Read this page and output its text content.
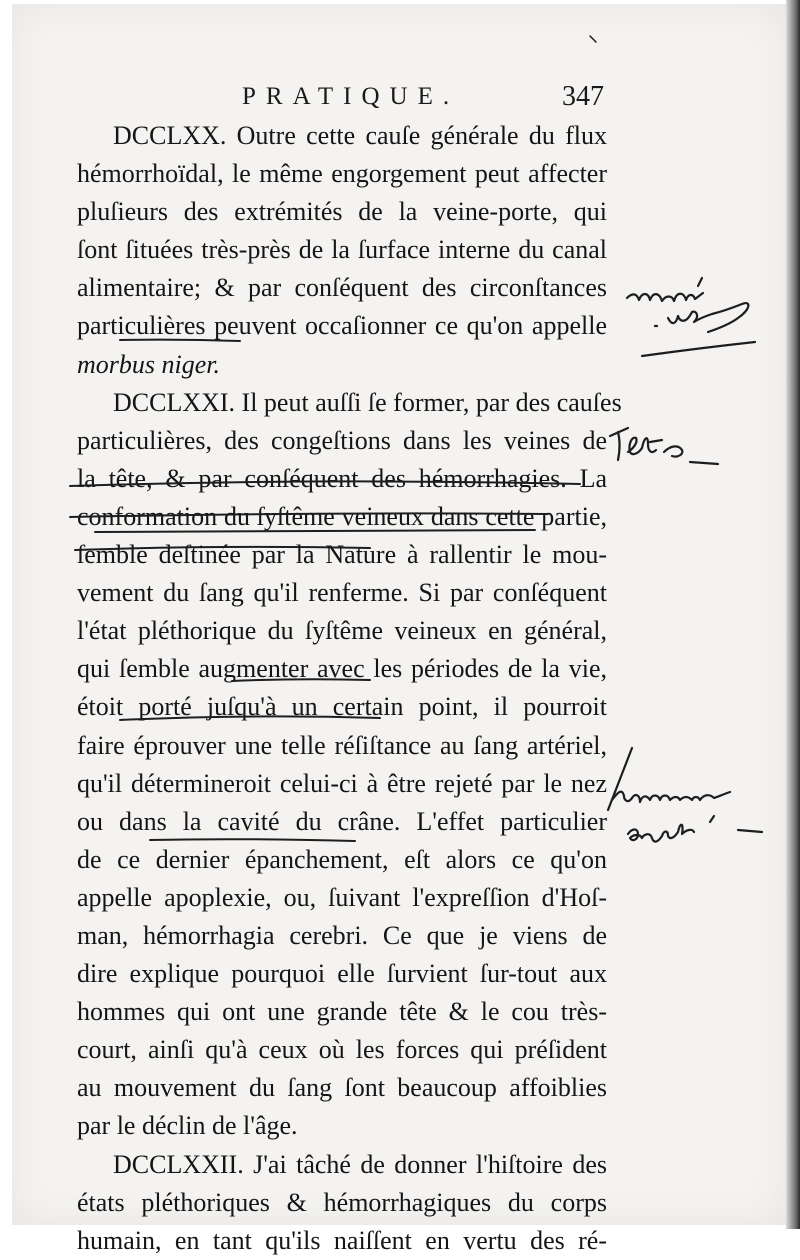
PRATIQUE.	347
DCCLXX. Outre cette cauſe générale du flux
hémorrhoïdal, le même engorgement peut affecter
pluſieurs des extrémités de la veine-porte, qui
ſont ſituées très-près de la ſurface interne du canal
alimentaire; & par conſéquent des circonſtances
particulières peuvent occaſionner ce qu'on appelle
morbus niger.
DCCLXXI. Il peut auſſi ſe former, par des cauſes
particulières, des congeſtions dans les veines de
la tête, & par conſéquent des hémorrhagies. La
conformation du ſyſtême veineux dans cette partie,
ſemble deſtinée par la Nature à rallentir le mou-
vement du ſang qu'il renferme. Si par conſéquent
l'état pléthorique du ſyſtême veineux en général,
qui ſemble augmenter avec les périodes de la vie,
étoit porté juſqu'à un certain point, il pourroit
faire éprouver une telle réſiſtance au ſang artériel,
qu'il détermineroit celui-ci à être rejeté par le nez
ou dans la cavité du crâne. L'effet particulier
de ce dernier épanchement, eſt alors ce qu'on
appelle apoplexie, ou, ſuivant l'expreſſion d'Hoſ-
man, hémorrhagia cerebri. Ce que je viens de
dire explique pourquoi elle ſurvient ſur-tout aux
hommes qui ont une grande tête & le cou très-
court, ainſi qu'à ceux où les forces qui préſident
au mouvement du ſang ſont beaucoup affoiblies
par le déclin de l'âge.
DCCLXXII. J'ai tâché de donner l'hiſtoire des
états pléthoriques & hémorrhagiques du corps
humain, en tant qu'ils naiſſent en vertu des ré-
